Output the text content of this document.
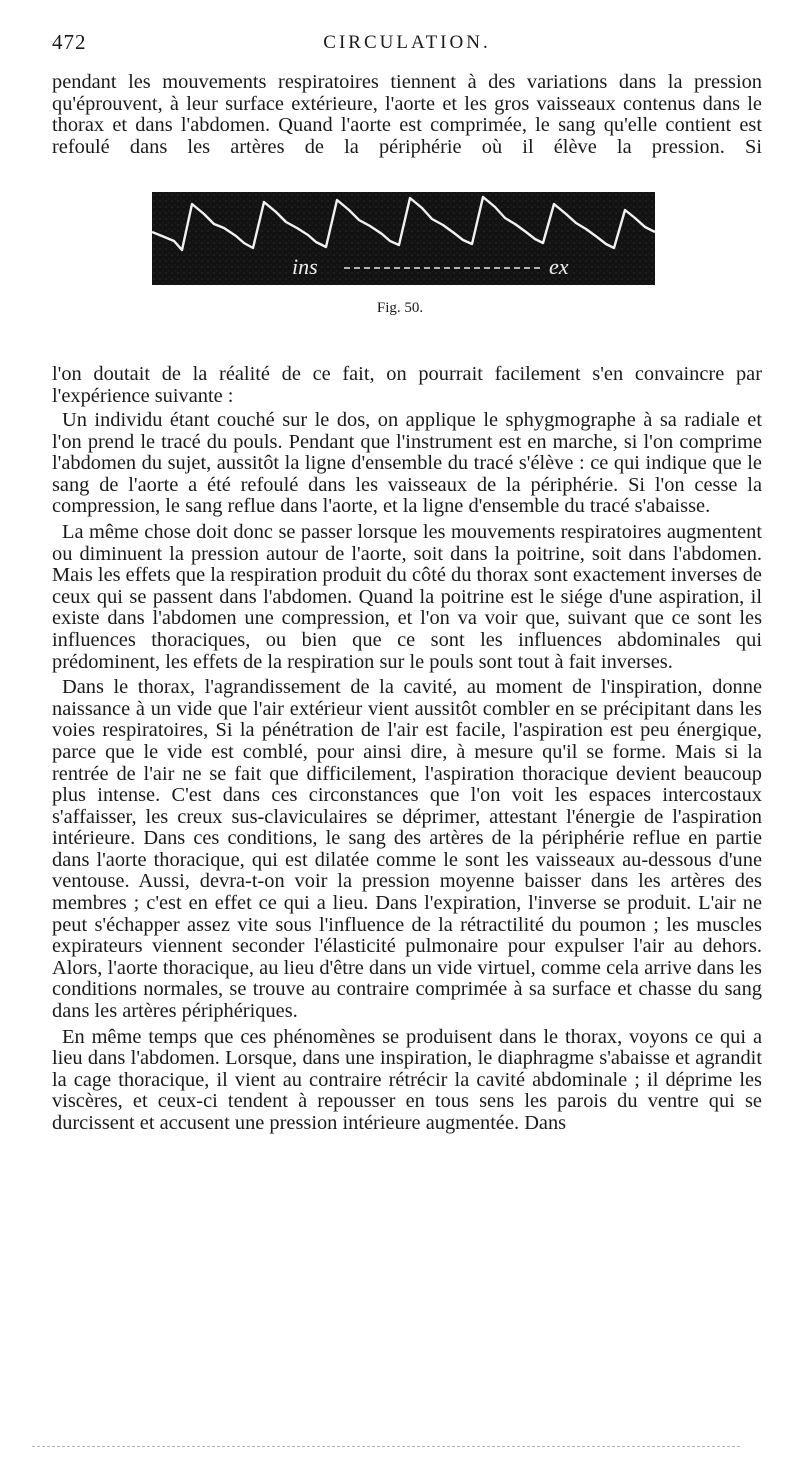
472	CIRCULATION.

pendant les mouvements respiratoires tiennent à des variations dans la pression qu'éprouvent, à leur surface extérieure, l'aorte et les gros vaisseaux contenus dans le thorax et dans l'abdomen. Quand l'aorte est comprimée, le sang qu'elle contient est refoulé dans les artères de la périphérie où il élève la pression. Si

ins	ex
Fig. 50.

l'on doutait de la réalité de ce fait, on pourrait facilement s'en convaincre par l'expérience suivante :

Un individu étant couché sur le dos, on applique le sphygmographe à sa radiale et l'on prend le tracé du pouls. Pendant que l'instrument est en marche, si l'on comprime l'abdomen du sujet, aussitôt la ligne d'ensemble du tracé s'élève : ce qui indique que le sang de l'aorte a été refoulé dans les vaisseaux de la périphérie. Si l'on cesse la compression, le sang reflue dans l'aorte, et la ligne d'ensemble du tracé s'abaisse.

La même chose doit donc se passer lorsque les mouvements respiratoires augmentent ou diminuent la pression autour de l'aorte, soit dans la poitrine, soit dans l'abdomen. Mais les effets que la respiration produit du côté du thorax sont exactement inverses de ceux qui se passent dans l'abdomen. Quand la poitrine est le siége d'une aspiration, il existe dans l'abdomen une compression, et l'on va voir que, suivant que ce sont les influences thoraciques, ou bien que ce sont les influences abdominales qui prédominent, les effets de la respiration sur le pouls sont tout à fait inverses.

Dans le thorax, l'agrandissement de la cavité, au moment de l'inspiration, donne naissance à un vide que l'air extérieur vient aussitôt combler en se précipitant dans les voies respiratoires, Si la pénétration de l'air est facile, l'aspiration est peu énergique, parce que le vide est comblé, pour ainsi dire, à mesure qu'il se forme. Mais si la rentrée de l'air ne se fait que difficilement, l'aspiration thoracique devient beaucoup plus intense. C'est dans ces circonstances que l'on voit les espaces intercostaux s'affaisser, les creux sus-claviculaires se déprimer, attestant l'énergie de l'aspiration intérieure. Dans ces conditions, le sang des artères de la périphérie reflue en partie dans l'aorte thoracique, qui est dilatée comme le sont les vaisseaux au-dessous d'une ventouse. Aussi, devra-t-on voir la pression moyenne baisser dans les artères des membres ; c'est en effet ce qui a lieu. Dans l'expiration, l'inverse se produit. L'air ne peut s'échapper assez vite sous l'influence de la rétractilité du poumon ; les muscles expirateurs viennent seconder l'élasticité pulmonaire pour expulser l'air au dehors. Alors, l'aorte thoracique, au lieu d'être dans un vide virtuel, comme cela arrive dans les conditions normales, se trouve au contraire comprimée à sa surface et chasse du sang dans les artères périphériques.

En même temps que ces phénomènes se produisent dans le thorax, voyons ce qui a lieu dans l'abdomen. Lorsque, dans une inspiration, le diaphragme s'abaisse et agrandit la cage thoracique, il vient au contraire rétrécir la cavité abdominale ; il déprime les viscères, et ceux-ci tendent à repousser en tous sens les parois du ventre qui se durcissent et accusent une pression intérieure augmentée. Dans
